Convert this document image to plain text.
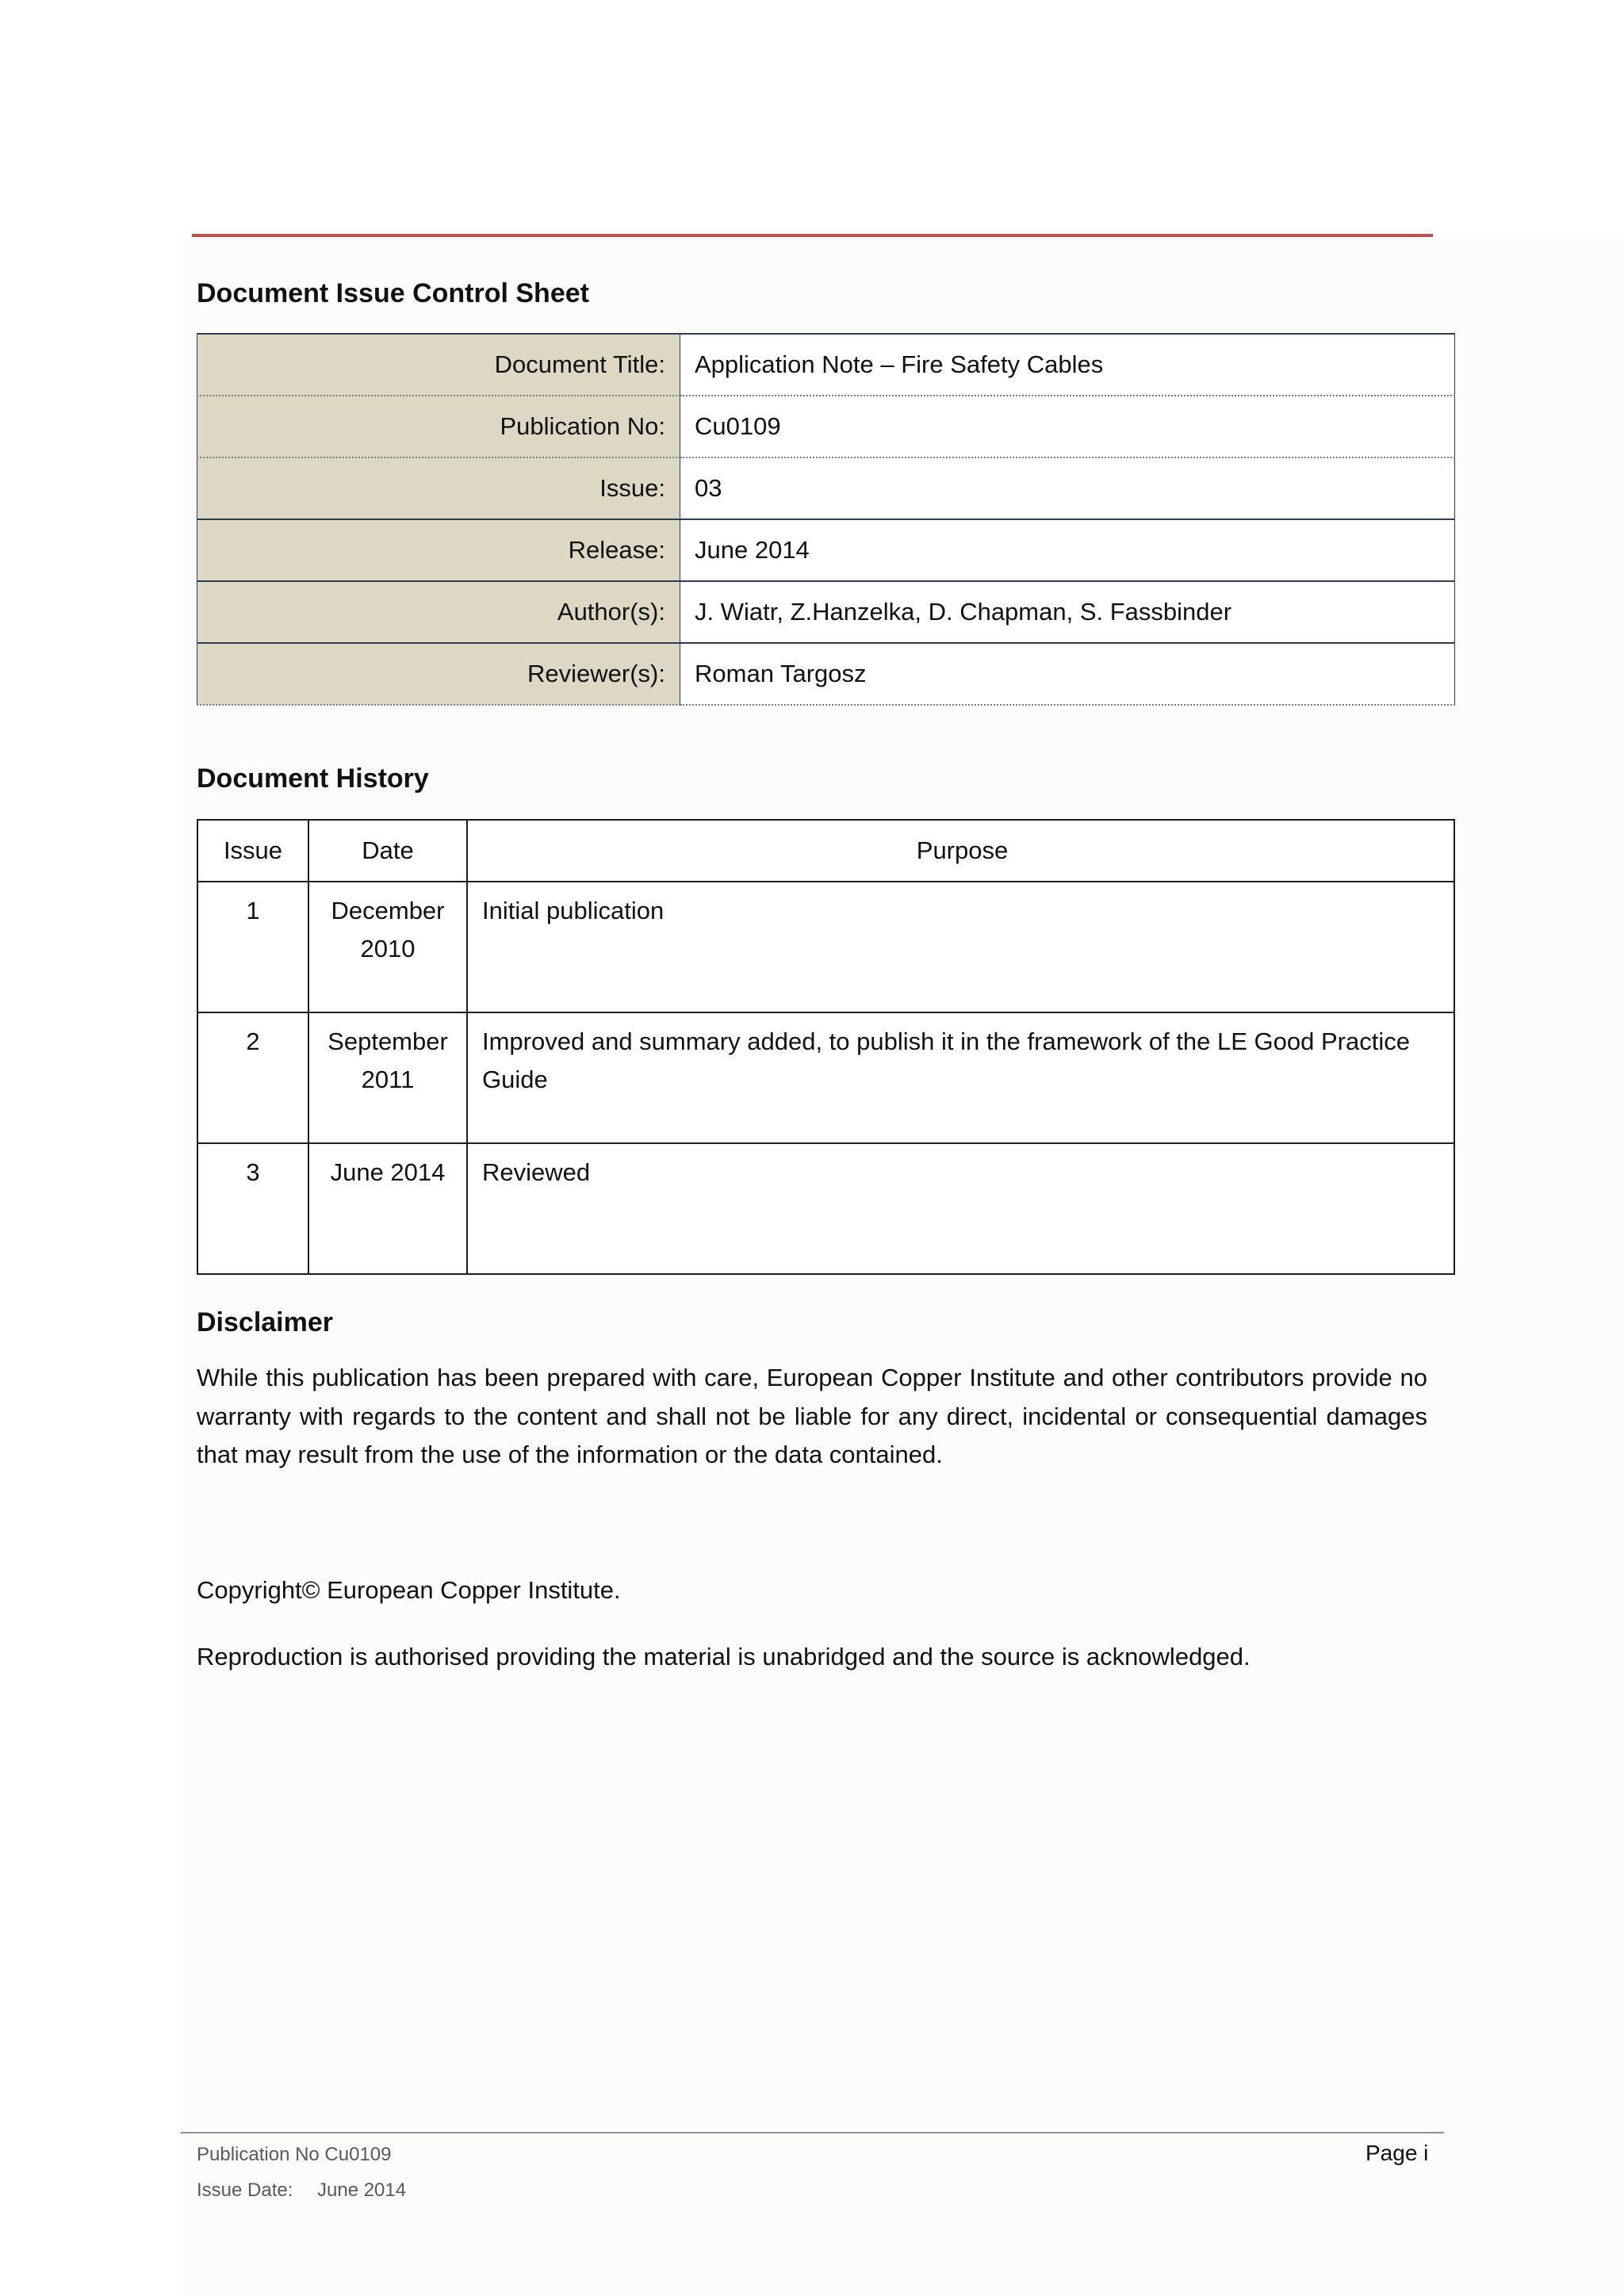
Document Issue Control Sheet
Document Title:	Application Note – Fire Safety Cables
Publication No:	Cu0109
Issue:	03
Release:	June 2014
Author(s):	J. Wiatr, Z.Hanzelka, D. Chapman, S. Fassbinder
Reviewer(s):	Roman Targosz
Document History
Issue	Date	Purpose
1	December 2010	Initial publication
2	September 2011	Improved and summary added, to publish it in the framework of the LE Good Practice Guide
3	June 2014	Reviewed
Disclaimer

While this publication has been prepared with care, European Copper Institute and other contributors provide no warranty with regards to the content and shall not be liable for any direct, incidental or consequential damages that may result from the use of the information or the data contained.

Copyright© European Copper Institute.

Reproduction is authorised providing the material is unabridged and the source is acknowledged.

Publication No Cu0109

Issue Date: June 2014

Page i
